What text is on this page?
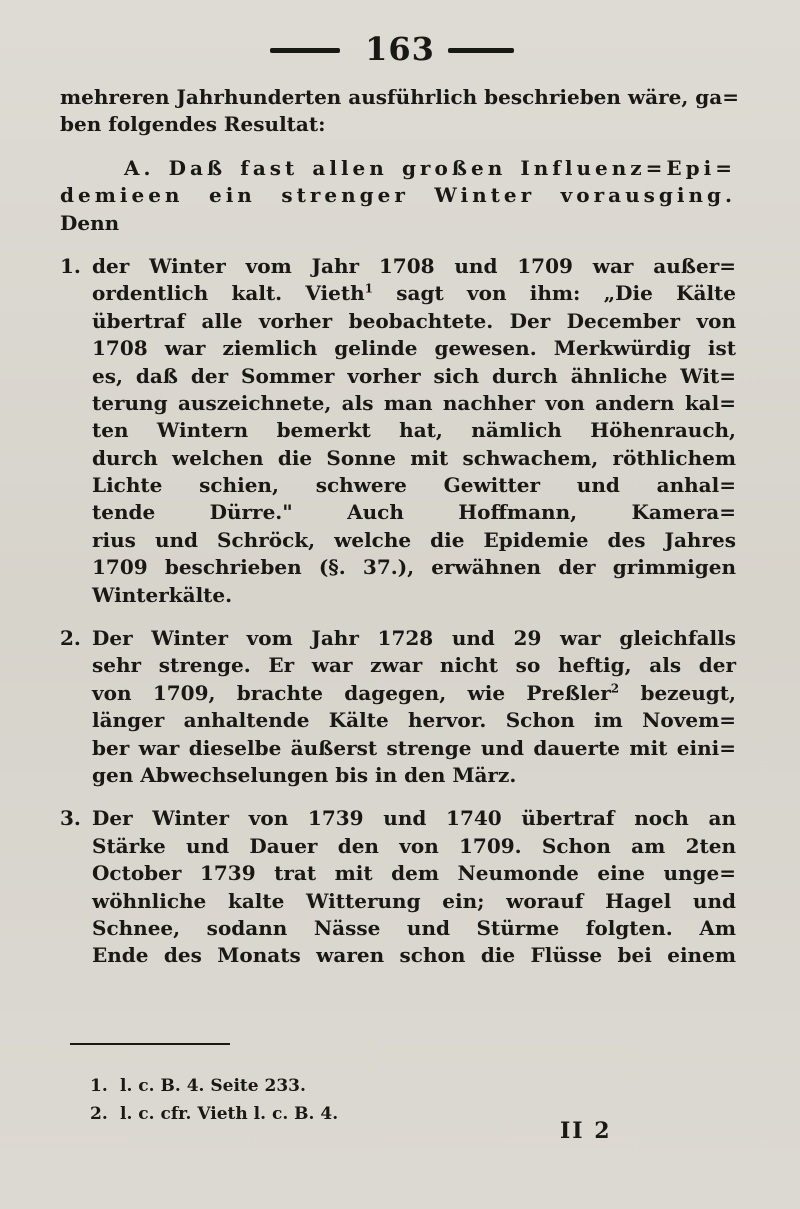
163
mehreren Jahrhunderten ausführlich beschrieben wäre, ga=
ben folgendes Resultat:
A. Daß fast allen großen Influenz=Epi=
demieen ein strenger Winter vorausging.
Denn
1. der Winter vom Jahr 1708 und 1709 war außer=
ordentlich kalt. Vieth$^1$ sagt von ihm: „Die Kälte
übertraf alle vorher beobachtete. Der December von
1708 war ziemlich gelinde gewesen. Merkwürdig ist
es, daß der Sommer vorher sich durch ähnliche Wit=
terung auszeichnete, als man nachher von andern kal=
ten Wintern bemerkt hat, nämlich Höhenrauch,
durch welchen die Sonne mit schwachem, röthlichem
Lichte schien, schwere Gewitter und anhal=
tende Dürre." Auch Hoffmann, Kamera=
rius und Schröck, welche die Epidemie des Jahres
1709 beschrieben (§. 37.), erwähnen der grimmigen
Winterkälte.
2. Der Winter vom Jahr 1728 und 29 war gleichfalls
sehr strenge. Er war zwar nicht so heftig, als der
von 1709, brachte dagegen, wie Preßler$^2$ bezeugt,
länger anhaltende Kälte hervor. Schon im Novem=
ber war dieselbe äußerst strenge und dauerte mit eini=
gen Abwechselungen bis in den März.
3. Der Winter von 1739 und 1740 übertraf noch an
Stärke und Dauer den von 1709. Schon am 2ten
October 1739 trat mit dem Neumonde eine unge=
wöhnliche kalte Witterung ein; worauf Hagel und
Schnee, sodann Nässe und Stürme folgten. Am
Ende des Monats waren schon die Flüsse bei einem
1. l. c. B. 4. Seite 233.
2. l. c. cfr. Vieth l. c. B. 4.
II 2
